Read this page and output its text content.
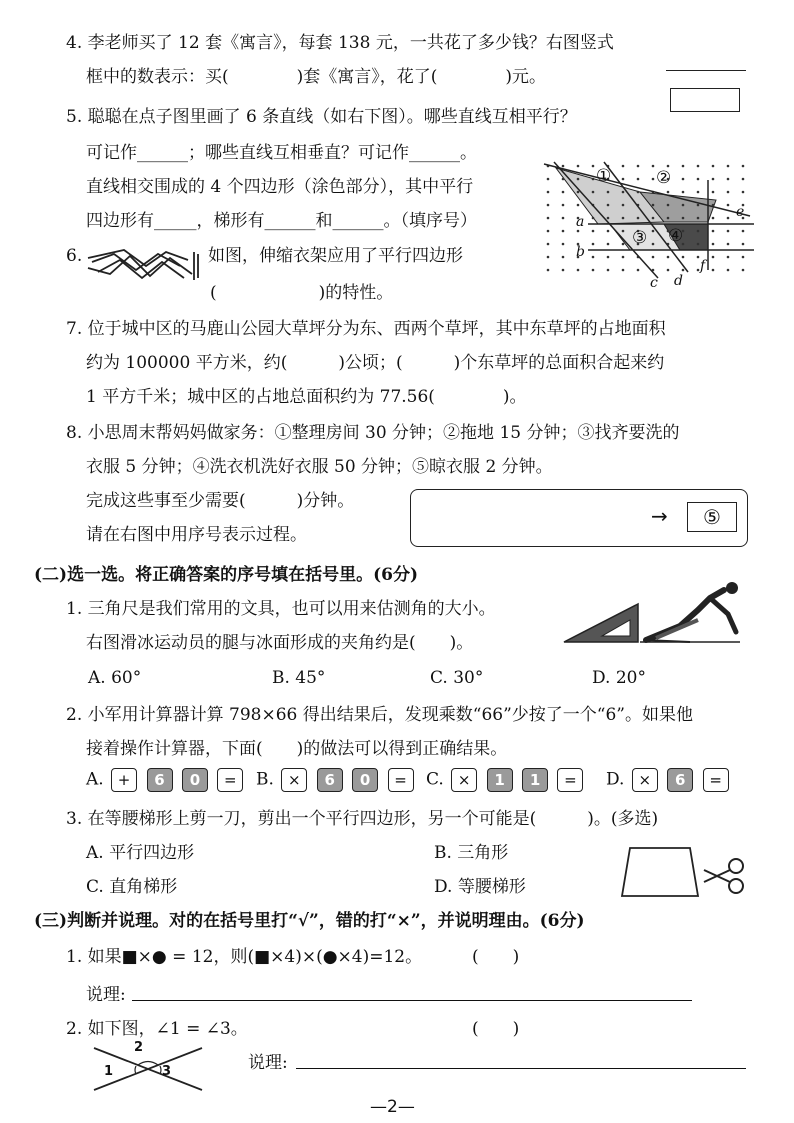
4. 李老师买了 12 套《寓言》，每套 138 元，一共花了多少钱？右图竖式
框中的数表示：买(　　　　)套《寓言》，花了(　　　　)元。
5. 聪聪在点子图里画了 6 条直线（如右下图）。哪些直线互相平行？
可记作______；哪些直线互相垂直？可记作______。
直线相交围成的 4 个四边形（涂色部分），其中平行
四边形有_____，梯形有______和______。（填序号）
6.	如图，伸缩衣架应用了平行四边形
(　　　　　　)的特性。
7. 位于城中区的马鹿山公园大草坪分为东、西两个草坪，其中东草坪的占地面积
约为 100000 平方米，约(　　　)公顷；(　　　)个东草坪的总面积合起来约
1 平方千米；城中区的占地总面积约为 77.56(　　　　)。
8. 小思周末帮妈妈做家务：①整理房间 30 分钟；②拖地 15 分钟；③找齐要洗的
衣服 5 分钟；④洗衣机洗好衣服 50 分钟；⑤晾衣服 2 分钟。
完成这些事至少需要(　　　)分钟。
请在右图中用序号表示过程。
→	⑤
(二)选一选。将正确答案的序号填在括号里。(6分)
1. 三角尺是我们常用的文具，也可以用来估测角的大小。
右图滑冰运动员的腿与冰面形成的夹角约是(　　)。
A. 60°	B. 45°	C. 30°	D. 20°
2. 小军用计算器计算 798×66 得出结果后，发现乘数“66”少按了一个“6”。如果他
接着操作计算器，下面(　　)的做法可以得到正确结果。
A. + 6 0 =	B. × 6 0 =	C. × 1 1 =	D. × 6 =
3. 在等腰梯形上剪一刀，剪出一个平行四边形，另一个可能是(　　　)。(多选)
A. 平行四边形	B. 三角形
C. 直角梯形	D. 等腰梯形
(三)判断并说理。对的在括号里打“√”，错的打“×”，并说明理由。(6分)
1. 如果■×● = 12，则(■×4)×(●×4)=12。	(　　)
说理:
2. 如下图，∠1 = ∠3。	(　　)
1
2
3	说理:
—2—
a
b
c d
e
f
①	②
③ ④
